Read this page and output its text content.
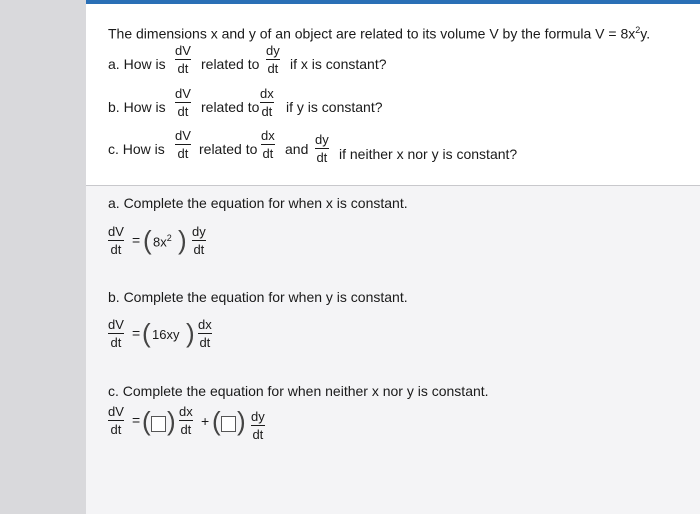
The dimensions x and y of an object are related to its volume V by the formula $V = 8x^2y$.
a. How is
dV
dt related to
dy
dt if x is constant?
b. How is
dV
dt related to
dx
dt if y is constant?
c. How is
dV
dt related to
dx
dt and
dy
dt if neither x nor y is constant?
a. Complete the equation for when x is constant.
dV
dt
= ( $8x^2$ ) dy
dt
b. Complete the equation for when y is constant.
dV
dt
= ( 16xy ) dx
dt
c. Complete the equation for when neither x nor y is constant.
dV
dt
= ( ) dx
dt
+ ( ) dy
dt
